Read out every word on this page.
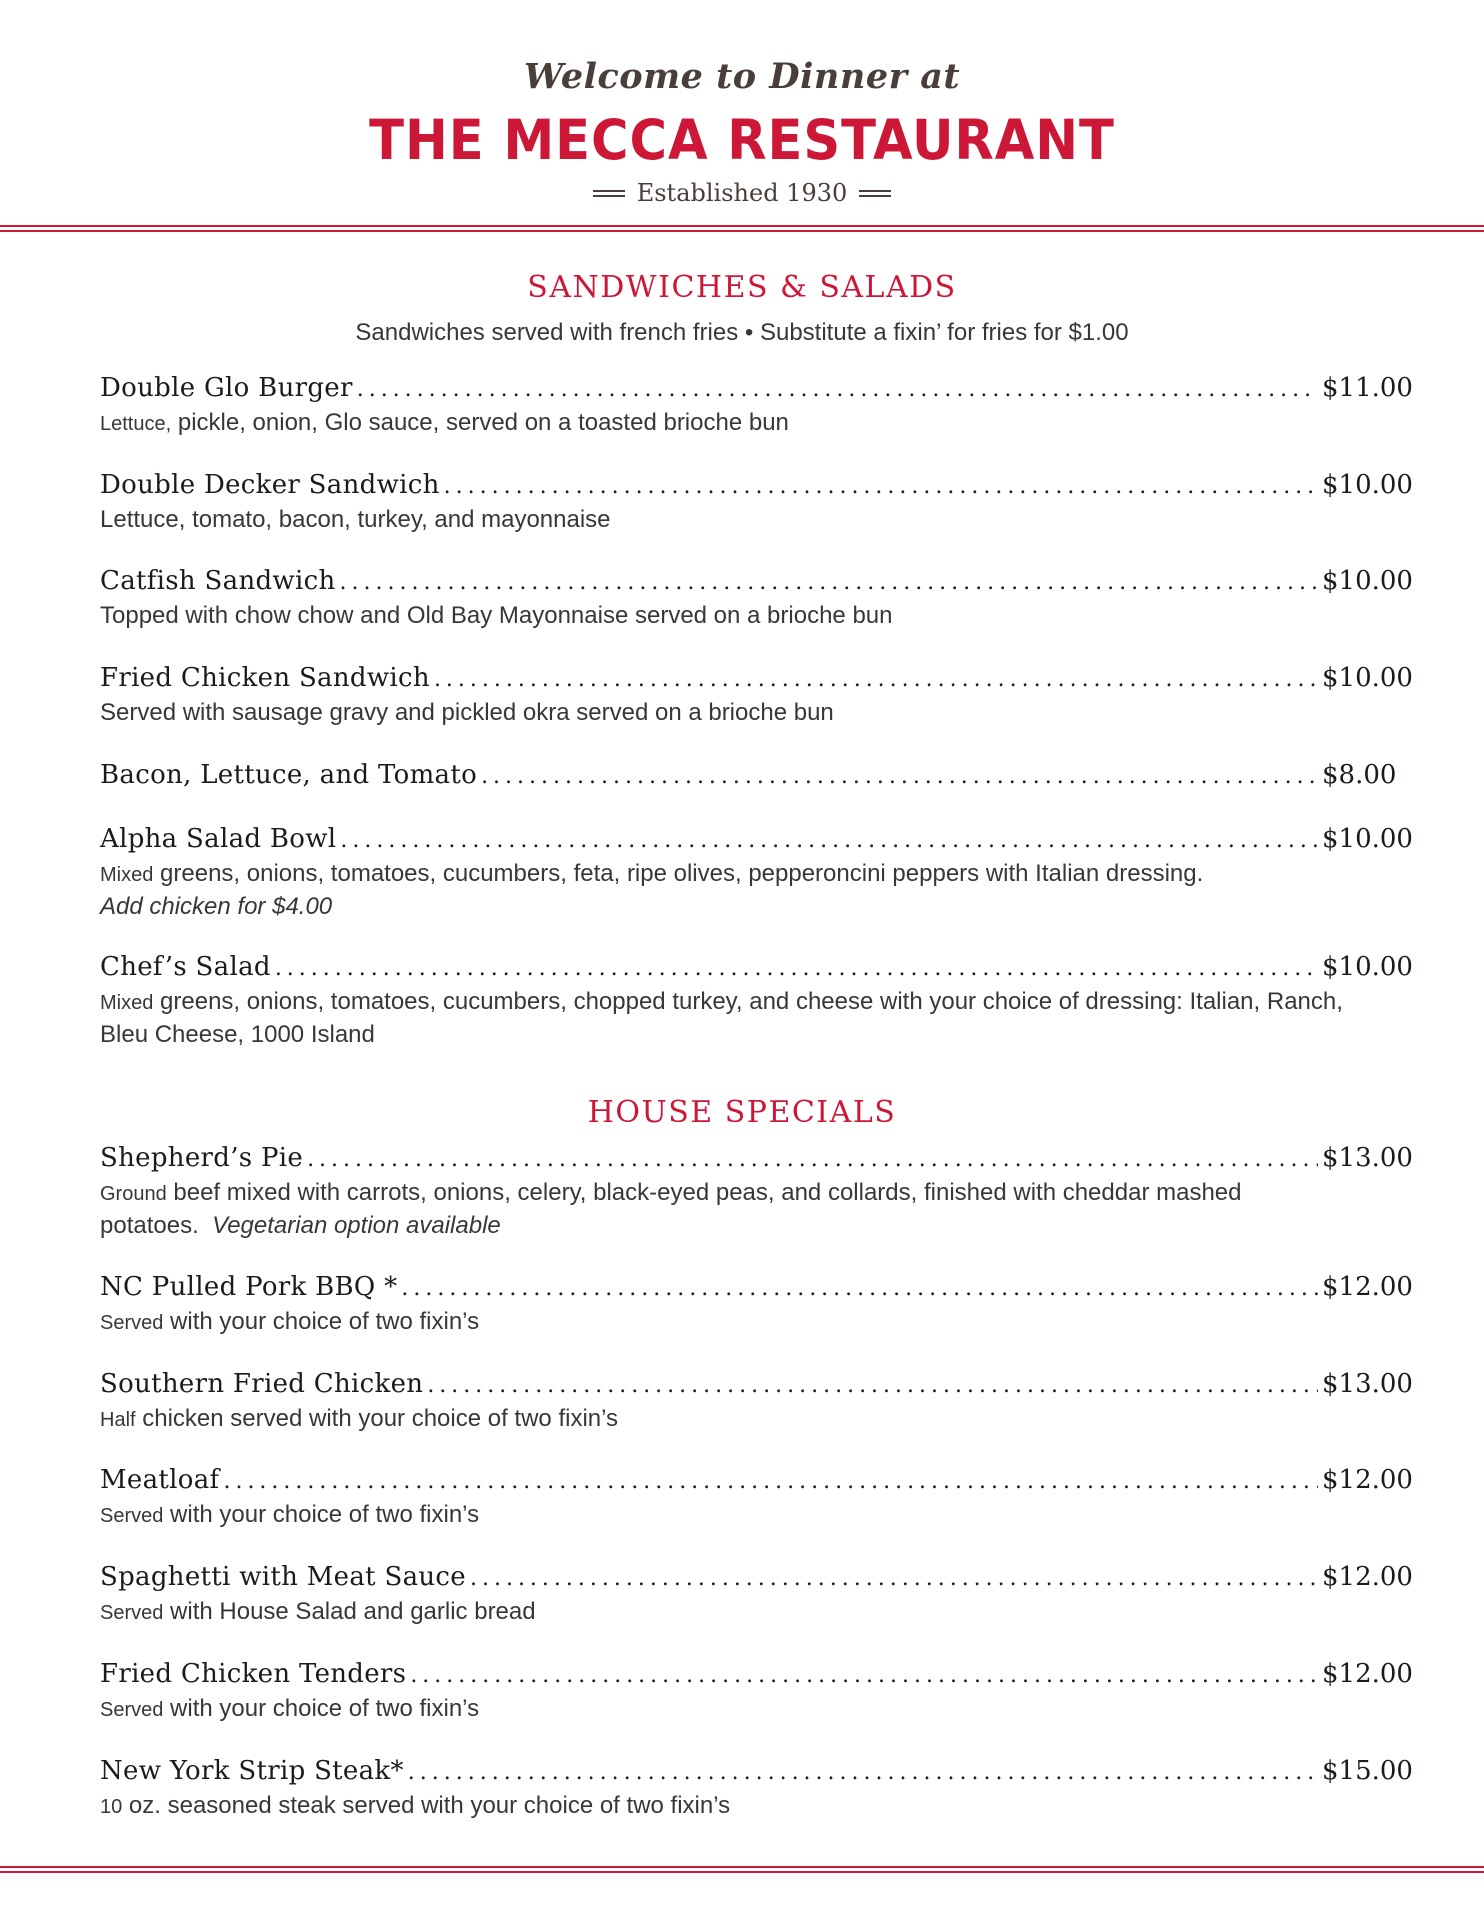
Welcome to Dinner at
THE MECCA RESTAURANT
Established 1930
SANDWICHES & SALADS
Sandwiches served with french fries • Substitute a fixin’ for fries for $1.00
Double Glo Burger .....	$11.00
Lettuce, pickle, onion, Glo sauce, served on a toasted brioche bun
Double Decker Sandwich .....	$10.00
Lettuce, tomato, bacon, turkey, and mayonnaise
Catfish Sandwich .....	$10.00
Topped with chow chow and Old Bay Mayonnaise served on a brioche bun
Fried Chicken Sandwich .....	$10.00
Served with sausage gravy and pickled okra served on a brioche bun
Bacon, Lettuce, and Tomato .....	$8.00
Alpha Salad Bowl .....	$10.00
Mixed greens, onions, tomatoes, cucumbers, feta, ripe olives, pepperoncini peppers with Italian dressing.
Add chicken for $4.00
Chef’s Salad .....	$10.00
Mixed greens, onions, tomatoes, cucumbers, chopped turkey, and cheese with your choice of dressing: Italian, Ranch, Bleu Cheese, 1000 Island
HOUSE SPECIALS
Shepherd’s Pie .....	$13.00
Ground beef mixed with carrots, onions, celery, black-eyed peas, and collards, finished with cheddar mashed potatoes. Vegetarian option available
NC Pulled Pork BBQ * .....	$12.00
Served with your choice of two fixin’s
Southern Fried Chicken .....	$13.00
Half chicken served with your choice of two fixin’s
Meatloaf .....	$12.00
Served with your choice of two fixin’s
Spaghetti with Meat Sauce .....	$12.00
Served with House Salad and garlic bread
Fried Chicken Tenders .....	$12.00
Served with your choice of two fixin’s
New York Strip Steak* .....	$15.00
10 oz. seasoned steak served with your choice of two fixin’s
